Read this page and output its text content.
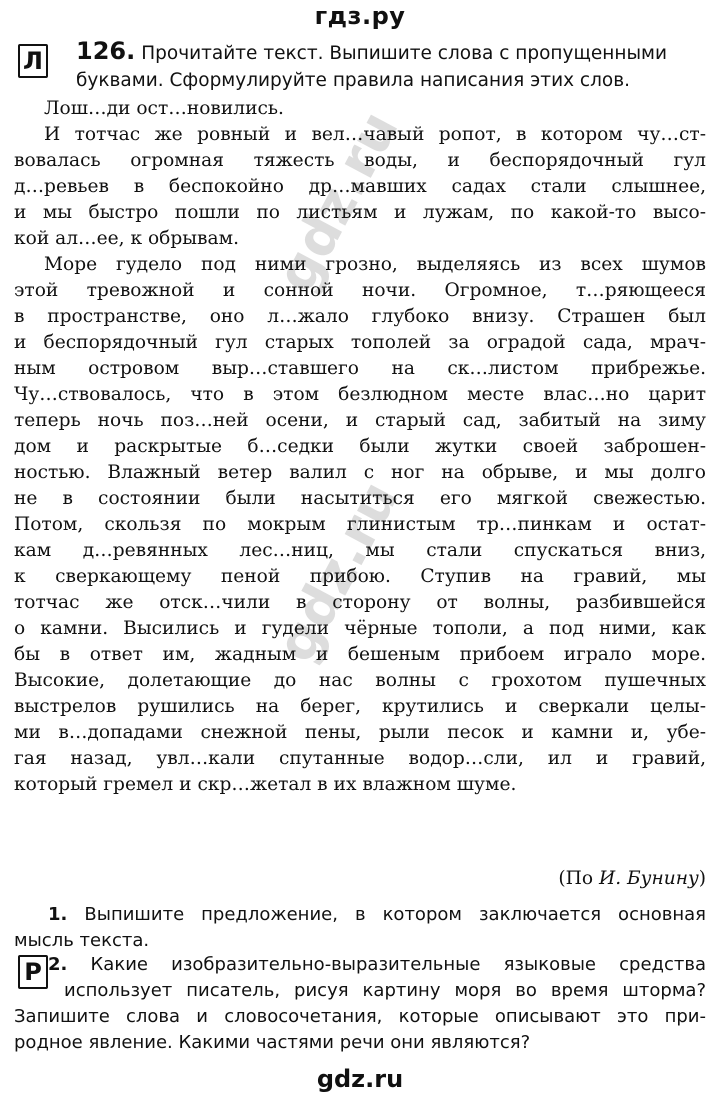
гдз.ру
gdz.ru
gdz.ru
Л 126. Прочитайте текст. Выпишите слова с пропущенными
буквами. Сформулируйте правила написания этих слов.
Лош…ди ост…новились.
И тотчас же ровный и вел…чавый ропот, в котором чу…ст-
вовалась огромная тяжесть воды, и беспорядочный гул
д…ревьев в беспокойно др…мавших садах стали слышнее,
и мы быстро пошли по листьям и лужам, по какой-то высо-
кой ал…ее, к обрывам.
Море гудело под ними грозно, выделяясь из всех шумов
этой тревожной и сонной ночи. Огромное, т…ряющееся
в пространстве, оно л…жало глубоко внизу. Страшен был
и беспорядочный гул старых тополей за оградой сада, мрач-
ным островом выр…ставшего на ск…листом прибрежье.
Чу…ствовалось, что в этом безлюдном месте влас…но царит
теперь ночь поз…ней осени, и старый сад, забитый на зиму
дом и раскрытые б…седки были жутки своей заброшен-
ностью. Влажный ветер валил с ног на обрыве, и мы долго
не в состоянии были насытиться его мягкой свежестью.
Потом, скользя по мокрым глинистым тр…пинкам и остат-
кам д…ревянных лес…ниц, мы стали спускаться вниз,
к сверкающему пеной прибою. Ступив на гравий, мы
тотчас же отск…чили в сторону от волны, разбившейся
о камни. Высились и гудели чёрные тополи, а под ними, как
бы в ответ им, жадным и бешеным прибоем играло море.
Высокие, долетающие до нас волны с грохотом пушечных
выстрелов рушились на берег, крутились и сверкали целы-
ми в…допадами снежной пены, рыли песок и камни и, убе-
гая назад, увл…кали спутанные водор…сли, ил и гравий,
который гремел и скр…жетал в их влажном шуме.
(По И. Бунину)
1. Выпишите предложение, в котором заключается основная
мысль текста.
Р 2. Какие изобразительно-выразительные языковые средства
использует писатель, рисуя картину моря во время шторма?
Запишите слова и словосочетания, которые описывают это при-
родное явление. Какими частями речи они являются?
gdz.ru
